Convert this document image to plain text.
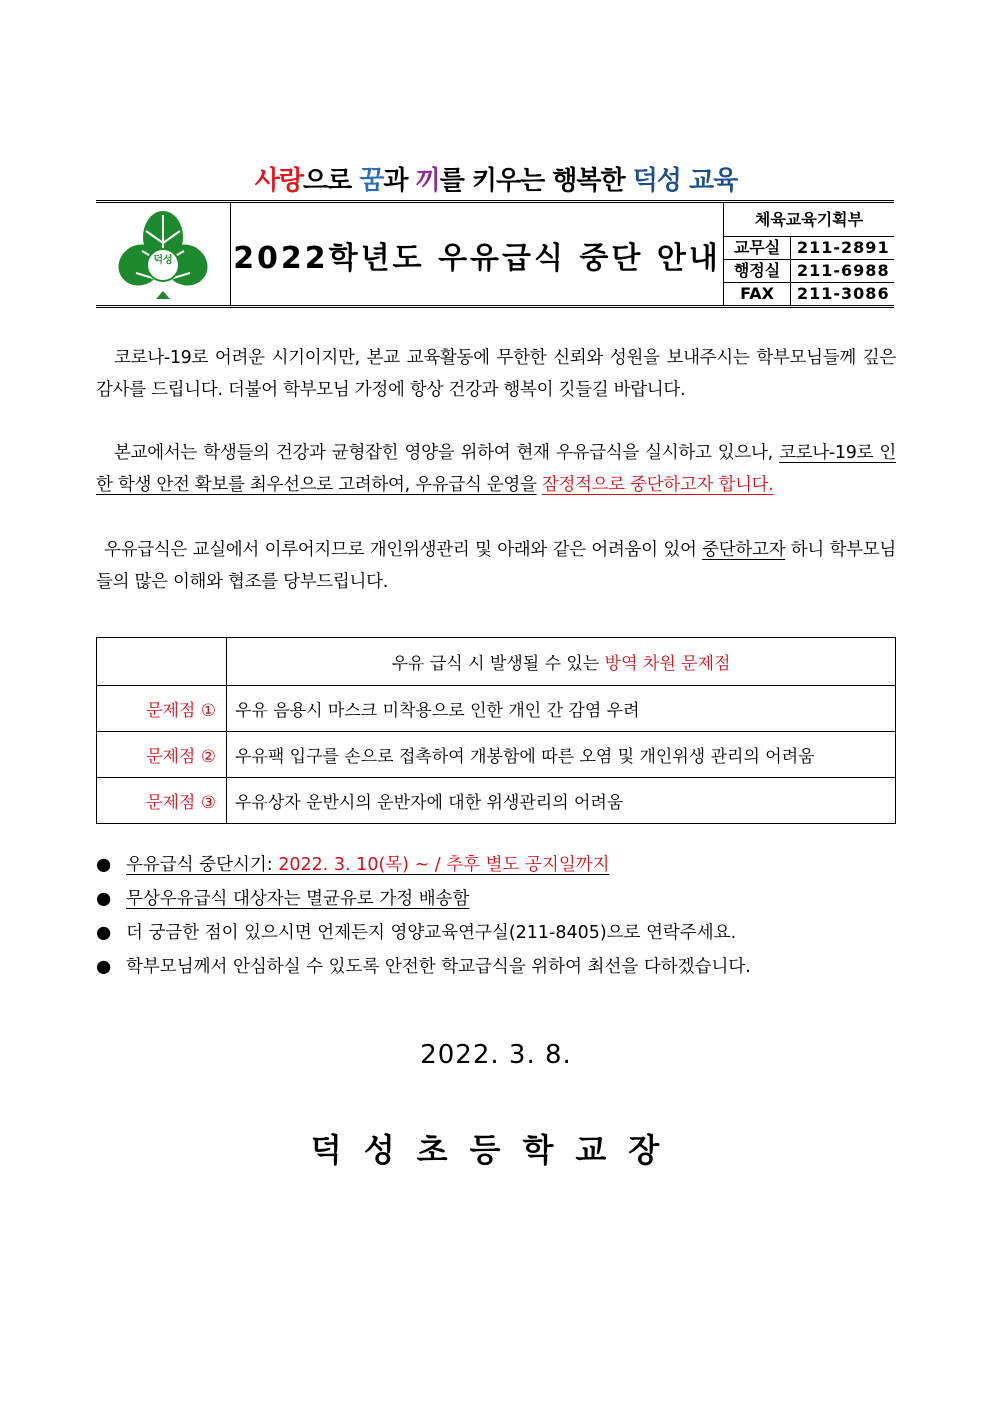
사랑으로 꿈과 끼를 키우는 행복한 덕성 교육
덕성 2022학년도 우유급식 중단 안내
체육교육기획부
교무실	211-2891
행정실	211-6988
FAX	211-3086
코로나-19로 어려운 시기이지만, 본교 교육활동에 무한한 신뢰와 성원을 보내주시는 학부모님들께 깊은 감사를 드립니다. 더불어 학부모님 가정에 항상 건강과 행복이 깃들길 바랍니다.
본교에서는 학생들의 건강과 균형잡힌 영양을 위하여 현재 우유급식을 실시하고 있으나, 코로나-19로 인한 학생 안전 확보를 최우선으로 고려하여, 우유급식 운영을 잠정적으로 중단하고자 합니다.
우유급식은 교실에서 이루어지므로 개인위생관리 및 아래와 같은 어려움이 있어 중단하고자 하니 학부모님들의 많은 이해와 협조를 당부드립니다.
	우유 급식 시 발생될 수 있는 방역 차원 문제점
문제점 ①	우유 음용시 마스크 미착용으로 인한 개인 간 감염 우려
문제점 ②	우유팩 입구를 손으로 접촉하여 개봉함에 따른 오염 및 개인위생 관리의 어려움
문제점 ③	우유상자 운반시의 운반자에 대한 위생관리의 어려움
● 우유급식 중단시기: 2022. 3. 10(목) ~ / 추후 별도 공지일까지
● 무상우유급식 대상자는 멸균유로 가정 배송함
● 더 궁금한 점이 있으시면 언제든지 영양교육연구실(211-8405)으로 연락주세요.
● 학부모님께서 안심하실 수 있도록 안전한 학교급식을 위하여 최선을 다하겠습니다.
2022. 3. 8.
덕성초등학교장
